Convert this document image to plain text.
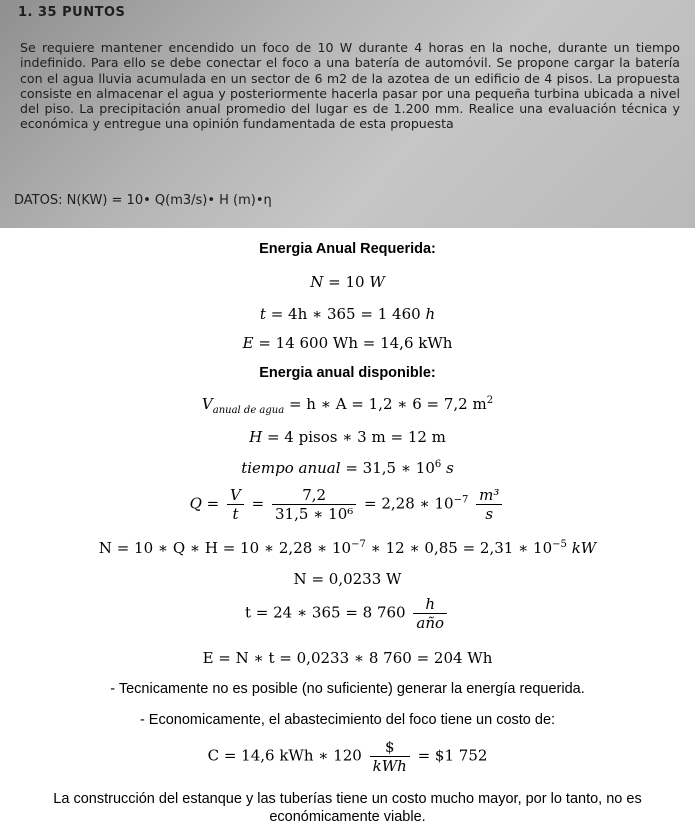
1. 35 PUNTOS
Se requiere mantener encendido un foco de 10 W durante 4 horas en la noche, durante un tiempo indefinido. Para ello se debe conectar el foco a una batería de automóvil. Se propone cargar la batería con el agua lluvia acumulada en un sector de 6 m2 de la azotea de un edificio de 4 pisos. La propuesta consiste en almacenar el agua y posteriormente hacerla pasar por una pequeña turbina ubicada a nivel del piso. La precipitación anual promedio del lugar es de 1.200 mm. Realice una evaluación técnica y económica y entregue una opinión fundamentada de esta propuesta
DATOS: N(KW) = 10• Q(m3/s)• H (m)•η
Energia Anual Requerida:
N = 10 W
t = 4h ∗ 365 = 1 460 h
E = 14 600 Wh = 14,6 kWh
Energia anual disponible:
$V_{anual de agua} = h$ ∗ A = 1,2 ∗ 6 = 7,2 $m^2$
H = 4 pisos ∗ 3 m = 12 m
tiempo anual = 31,5 ∗ $10^6$ s
$Q = \frac{V}{t} = \frac{7,2}{\text{31,5 ∗ 10⁶}} = 2,28$ ∗ $10^{-7} \frac{\text{m³}}{s}$
N = 10 ∗ Q ∗ H = 10 ∗ 2,28 ∗ $10^{-7}$ ∗ 12 ∗ 0,85 = 2,31 ∗ $10^{-5}$ kW
N = 0,0233 W
t = 24 ∗ 365 = 8 $760 \frac{h}{\text{año}}$
E = N ∗ t = 0,0233 ∗ 8 760 = 204 Wh
- Tecnicamente no es posible (no suficiente) generar la energía requerida.
- Economicamente, el abastecimiento del foco tiene un costo de:
C = 14,6 kWh ∗ $120 \frac{\$}{\text{kWh}}$ = $1 752
La construcción del estanque y las tuberías tiene un costo mucho mayor, por lo tanto, no es
económicamente viable.
